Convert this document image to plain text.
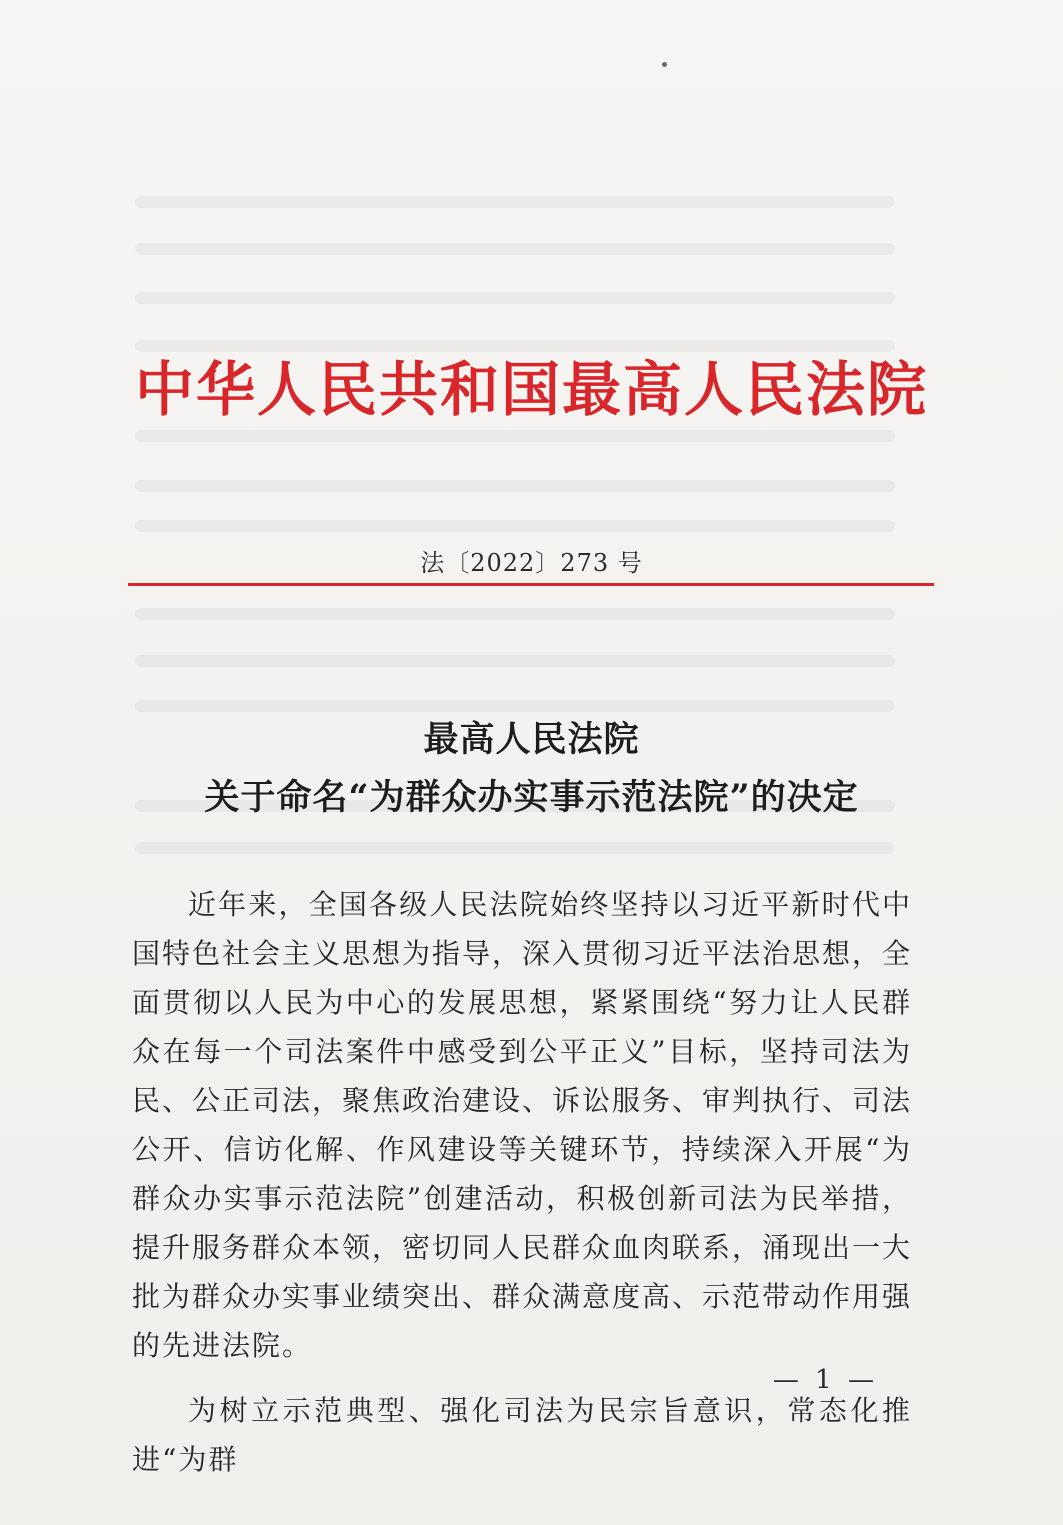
中华人民共和国最高人民法院
法〔2022〕273 号
最高人民法院
关于命名“为群众办实事示范法院”的决定

近年来，全国各级人民法院始终坚持以习近平新时代中国特色社会主义思想为指导，深入贯彻习近平法治思想，全面贯彻以人民为中心的发展思想，紧紧围绕“努力让人民群众在每一个司法案件中感受到公平正义”目标，坚持司法为民、公正司法，聚焦政治建设、诉讼服务、审判执行、司法公开、信访化解、作风建设等关键环节，持续深入开展“为群众办实事示范法院”创建活动，积极创新司法为民举措，提升服务群众本领，密切同人民群众血肉联系，涌现出一大批为群众办实事业绩突出、群众满意度高、示范带动作用强的先进法院。

为树立示范典型、强化司法为民宗旨意识，常态化推进“为群

— 1 —
